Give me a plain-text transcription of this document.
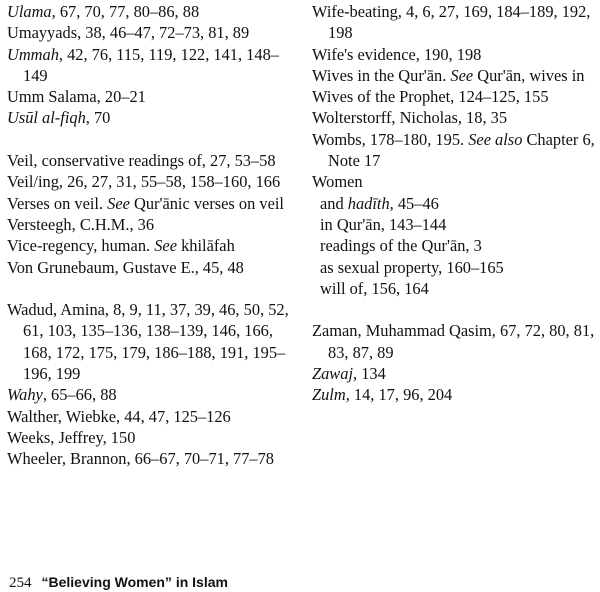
Ulama, 67, 70, 77, 80–86, 88
Umayyads, 38, 46–47, 72–73, 81, 89
Ummah, 42, 76, 115, 119, 122, 141, 148–149
Umm Salama, 20–21
Usūl al-fiqh, 70
Veil, conservative readings of, 27, 53–58
Veil/ing, 26, 27, 31, 55–58, 158–160, 166
Verses on veil. See Qur'ānic verses on veil
Versteegh, C.H.M., 36
Vice-regency, human. See khilāfah
Von Grunebaum, Gustave E., 45, 48
Wadud, Amina, 8, 9, 11, 37, 39, 46, 50, 52, 61, 103, 135–136, 138–139, 146, 166, 168, 172, 175, 179, 186–188, 191, 195–196, 199
Wahy, 65–66, 88
Walther, Wiebke, 44, 47, 125–126
Weeks, Jeffrey, 150
Wheeler, Brannon, 66–67, 70–71, 77–78
Wife-beating, 4, 6, 27, 169, 184–189, 192, 198
Wife's evidence, 190, 198
Wives in the Qur'ān. See Qur'ān, wives in
Wives of the Prophet, 124–125, 155
Wolterstorff, Nicholas, 18, 35
Wombs, 178–180, 195. See also Chapter 6, Note 17
Women
and hadīth, 45–46
in Qur'ān, 143–144
readings of the Qur'ān, 3
as sexual property, 160–165
will of, 156, 164
Zaman, Muhammad Qasim, 67, 72, 80, 81, 83, 87, 89
Zawaj, 134
Zulm, 14, 17, 96, 204
254 “Believing Women” in Islam
